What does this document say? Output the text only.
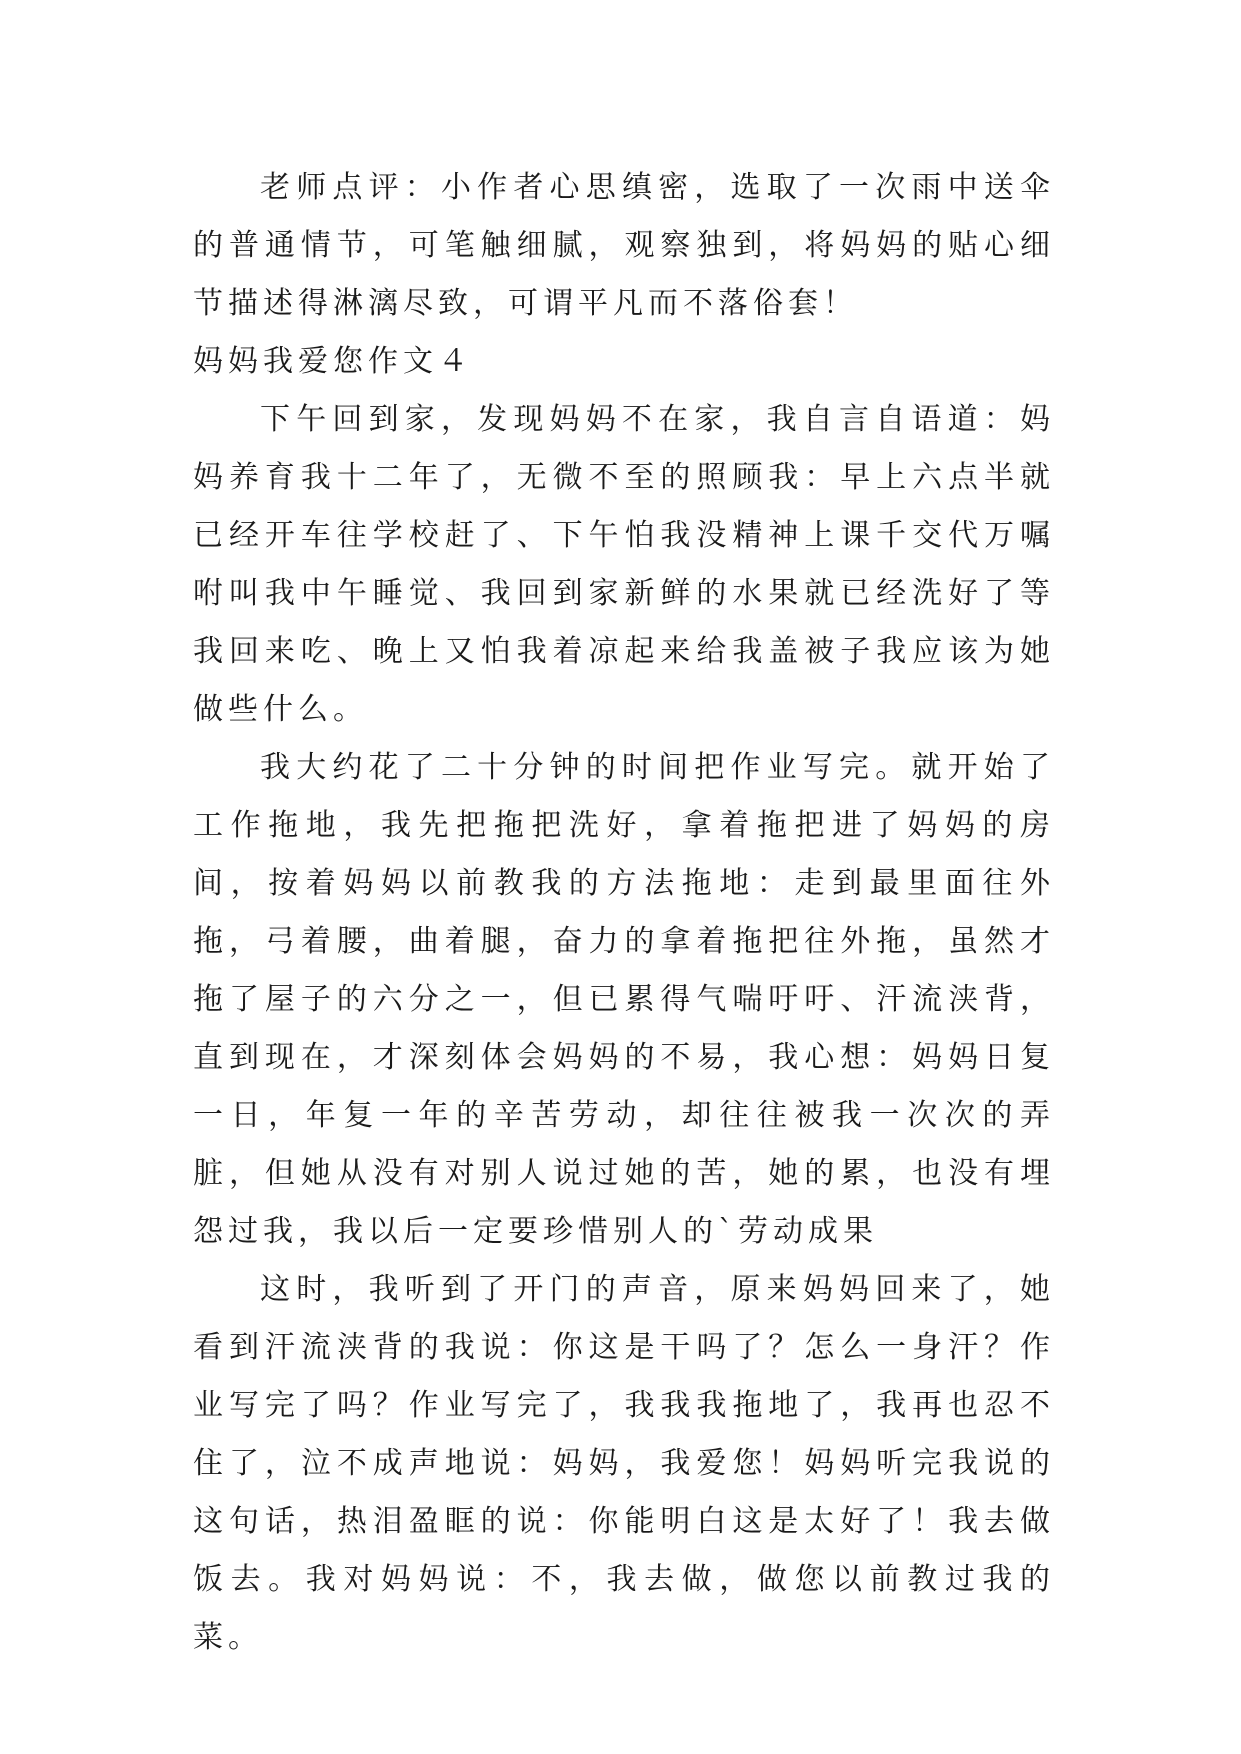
老师点评：小作者心思缜密，选取了一次雨中送伞的普通情节，可笔触细腻，观察独到，将妈妈的贴心细节描述得淋漓尽致，可谓平凡而不落俗套！

妈妈我爱您作文４

下午回到家，发现妈妈不在家，我自言自语道：妈妈养育我十二年了，无微不至的照顾我：早上六点半就已经开车往学校赶了、下午怕我没精神上课千交代万嘱咐叫我中午睡觉、我回到家新鲜的水果就已经洗好了等我回来吃、晚上又怕我着凉起来给我盖被子我应该为她做些什么。

我大约花了二十分钟的时间把作业写完。就开始了工作拖地，我先把拖把洗好，拿着拖把进了妈妈的房间，按着妈妈以前教我的方法拖地：走到最里面往外拖，弓着腰，曲着腿，奋力的拿着拖把往外拖，虽然才拖了屋子的六分之一，但已累得气喘吁吁、汗流浃背，直到现在，才深刻体会妈妈的不易，我心想：妈妈日复一日，年复一年的辛苦劳动，却往往被我一次次的弄脏，但她从没有对别人说过她的苦，她的累，也没有埋怨过我，我以后一定要珍惜别人的`劳动成果

这时，我听到了开门的声音，原来妈妈回来了，她看到汗流浃背的我说：你这是干吗了？怎么一身汗？作业写完了吗？作业写完了，我我我拖地了，我再也忍不住了，泣不成声地说：妈妈，我爱您！妈妈听完我说的这句话，热泪盈眶的说：你能明白这是太好了！我去做饭去。我对妈妈说：不，我去做，做您以前教过我的菜。
